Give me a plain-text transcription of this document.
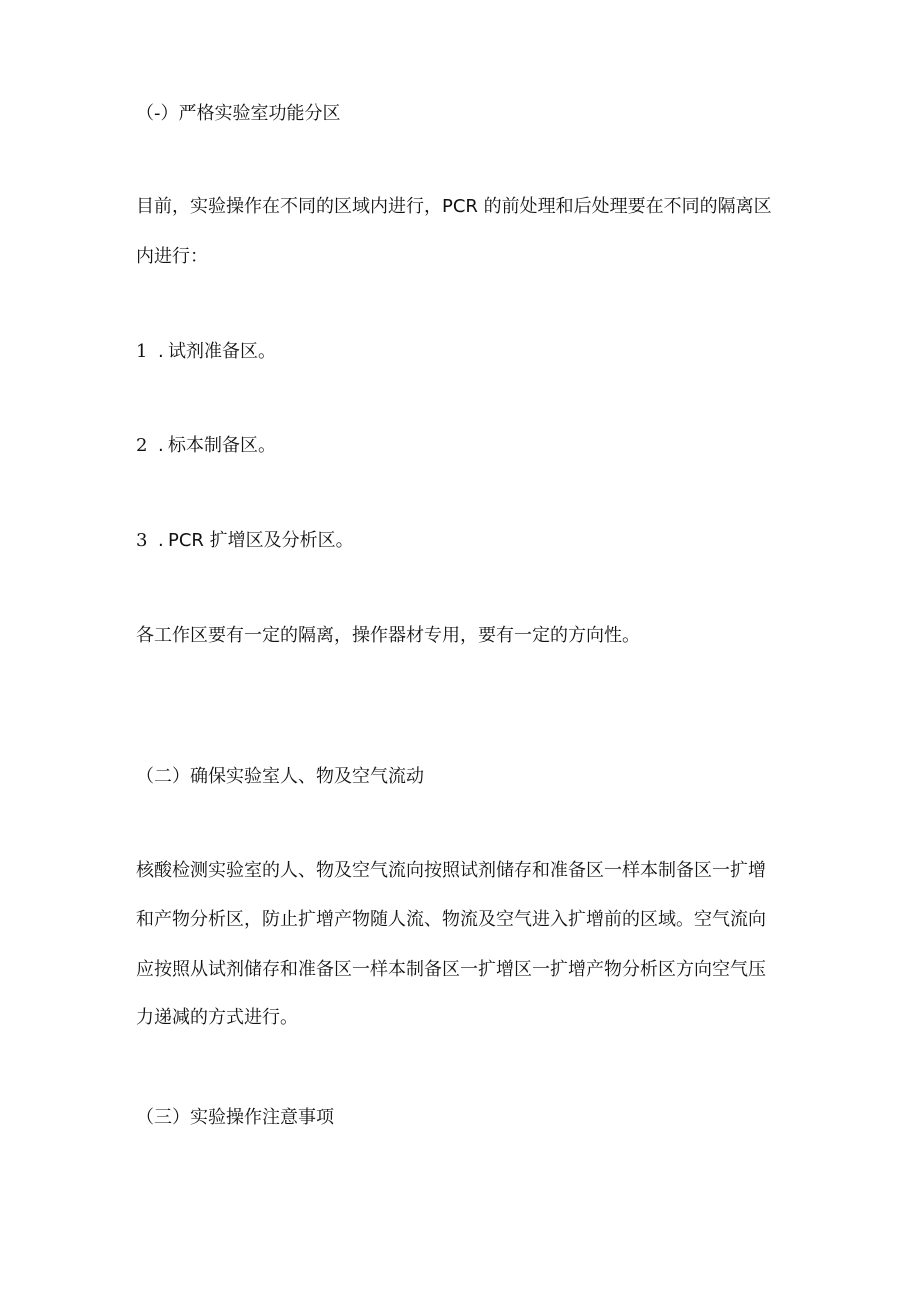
（-）严格实验室功能分区

目前，实验操作在不同的区域内进行，PCR 的前处理和后处理要在不同的隔离区

内进行：

1 . 试剂准备区。

2 . 标本制备区。

3 . PCR 扩增区及分析区。

各工作区要有一定的隔离，操作器材专用，要有一定的方向性。

（二）确保实验室人、物及空气流动

核酸检测实验室的人、物及空气流向按照试剂储存和准备区一样本制备区一扩增

和产物分析区，防止扩增产物随人流、物流及空气进入扩增前的区域。空气流向

应按照从试剂储存和准备区一样本制备区一扩增区一扩增产物分析区方向空气压

力递减的方式进行。

（三）实验操作注意事项
